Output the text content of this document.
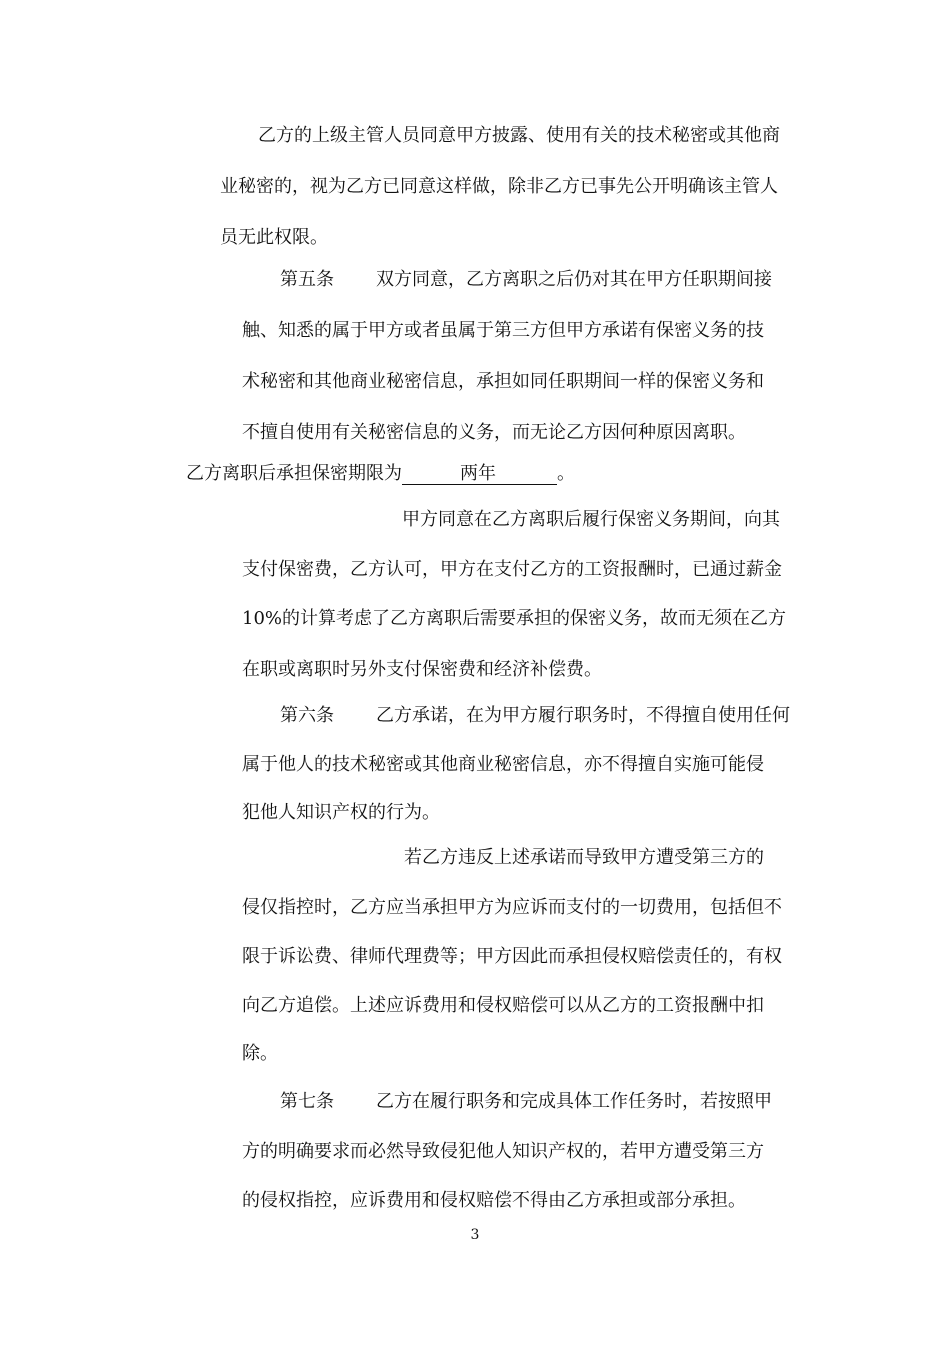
乙方的上级主管人员同意甲方披露、使用有关的技术秘密或其他商

业秘密的，视为乙方已同意这样做，除非乙方已事先公开明确该主管人

员无此权限。

第五条 双方同意，乙方离职之后仍对其在甲方任职期间接

触、知悉的属于甲方或者虽属于第三方但甲方承诺有保密义务的技

术秘密和其他商业秘密信息，承担如同任职期间一样的保密义务和

不擅自使用有关秘密信息的义务，而无论乙方因何种原因离职。

乙方离职后承担保密期限为	两年	。

甲方同意在乙方离职后履行保密义务期间，向其

支付保密费，乙方认可，甲方在支付乙方的工资报酬时，已通过薪金

10%的计算考虑了乙方离职后需要承担的保密义务，故而无须在乙方

在职或离职时另外支付保密费和经济补偿费。

第六条 乙方承诺，在为甲方履行职务时，不得擅自使用任何

属于他人的技术秘密或其他商业秘密信息，亦不得擅自实施可能侵

犯他人知识产权的行为。

若乙方违反上述承诺而导致甲方遭受第三方的

侵仅指控时，乙方应当承担甲方为应诉而支付的一切费用，包括但不

限于诉讼费、律师代理费等；甲方因此而承担侵权赔偿责任的，有权

向乙方追偿。上述应诉费用和侵权赔偿可以从乙方的工资报酬中扣

除。

第七条 乙方在履行职务和完成具体工作任务时，若按照甲

方的明确要求而必然导致侵犯他人知识产权的，若甲方遭受第三方

的侵权指控，应诉费用和侵权赔偿不得由乙方承担或部分承担。

3
